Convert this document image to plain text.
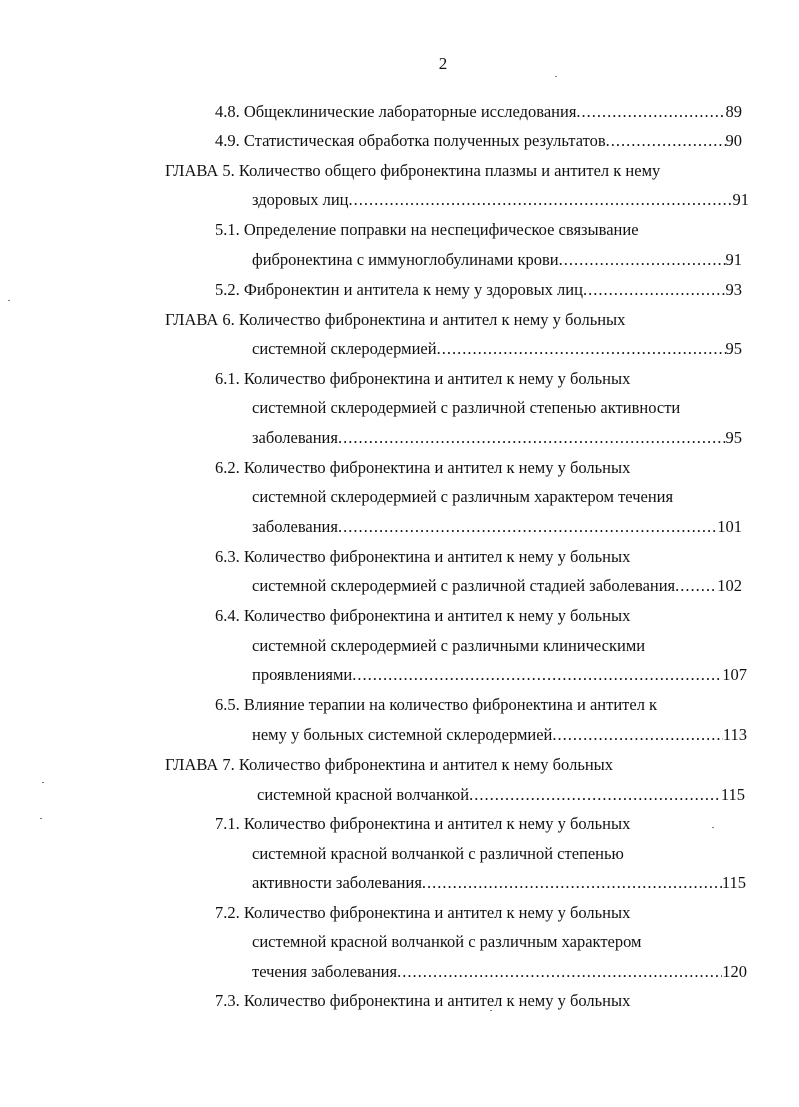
2
4.8. Общеклинические лабораторные исследования .....	89
4.9. Статистическая обработка полученных результатов .....	90
ГЛАВА 5. Количество общего фибронектина плазмы и антител к нему
здоровых лиц .....	91
5.1. Определение поправки на неспецифическое связывание
фибронектина с иммуноглобулинами крови .....	91
5.2. Фибронектин и антитела к нему у здоровых лиц .....	93
ГЛАВА 6. Количество фибронектина и антител к нему у больных
системной склеродермией .....	95
6.1. Количество фибронектина и антител к нему у больных
системной склеродермией с различной степенью активности
заболевания .....	95
6.2. Количество фибронектина и антител к нему у больных
системной склеродермией с различным характером течения
заболевания .....	101
6.3. Количество фибронектина и антител к нему у больных
системной склеродермией с различной стадией заболевания .....	102
6.4. Количество фибронектина и антител к нему у больных
системной склеродермией с различными клиническими
проявлениями .....	107
6.5. Влияние терапии на количество фибронектина и антител к
нему у больных системной склеродермией .....	113
ГЛАВА 7. Количество фибронектина и антител к нему больных
системной красной волчанкой .....	115
7.1. Количество фибронектина и антител к нему у больных
системной красной волчанкой с различной степенью
активности заболевания .....	115
7.2. Количество фибронектина и антител к нему у больных
системной красной волчанкой с различным характером
течения заболевания .....	120
7.3. Количество фибронектина и антител к нему у больных
